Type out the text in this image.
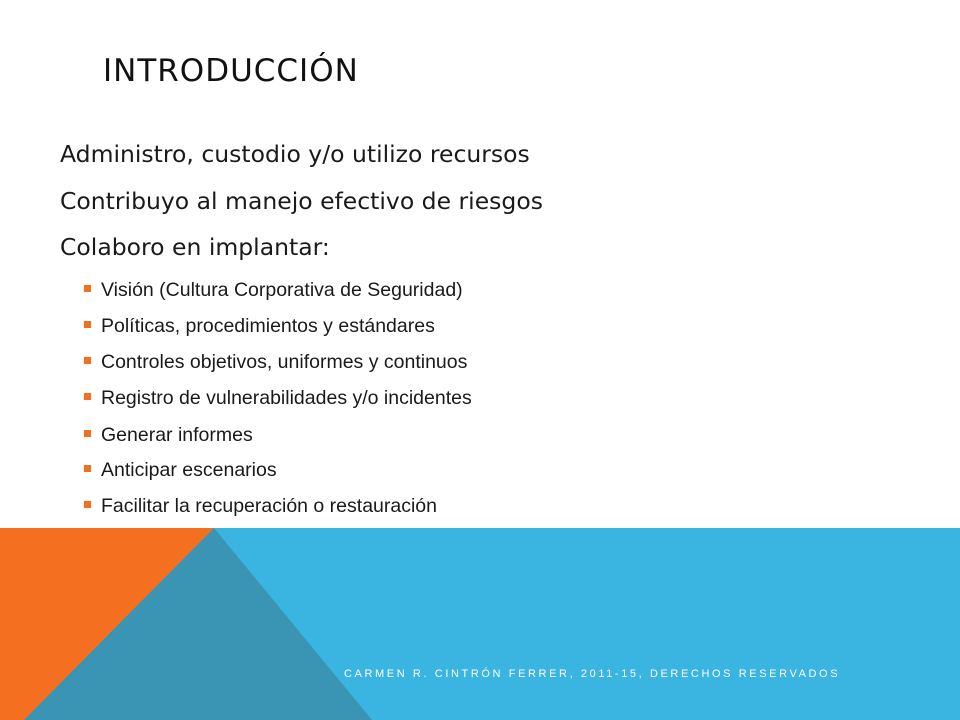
INTRODUCCIÓN
Administro, custodio y/o utilizo recursos
Contribuyo al manejo efectivo de riesgos
Colaboro en implantar:
Visión (Cultura Corporativa de Seguridad)
Políticas, procedimientos y estándares
Controles objetivos, uniformes y continuos
Registro de vulnerabilidades y/o incidentes
Generar informes
Anticipar escenarios
Facilitar la recuperación o restauración
CARMEN R. CINTRÓN FERRER, 2011-15, DERECHOS RESERVADOS
